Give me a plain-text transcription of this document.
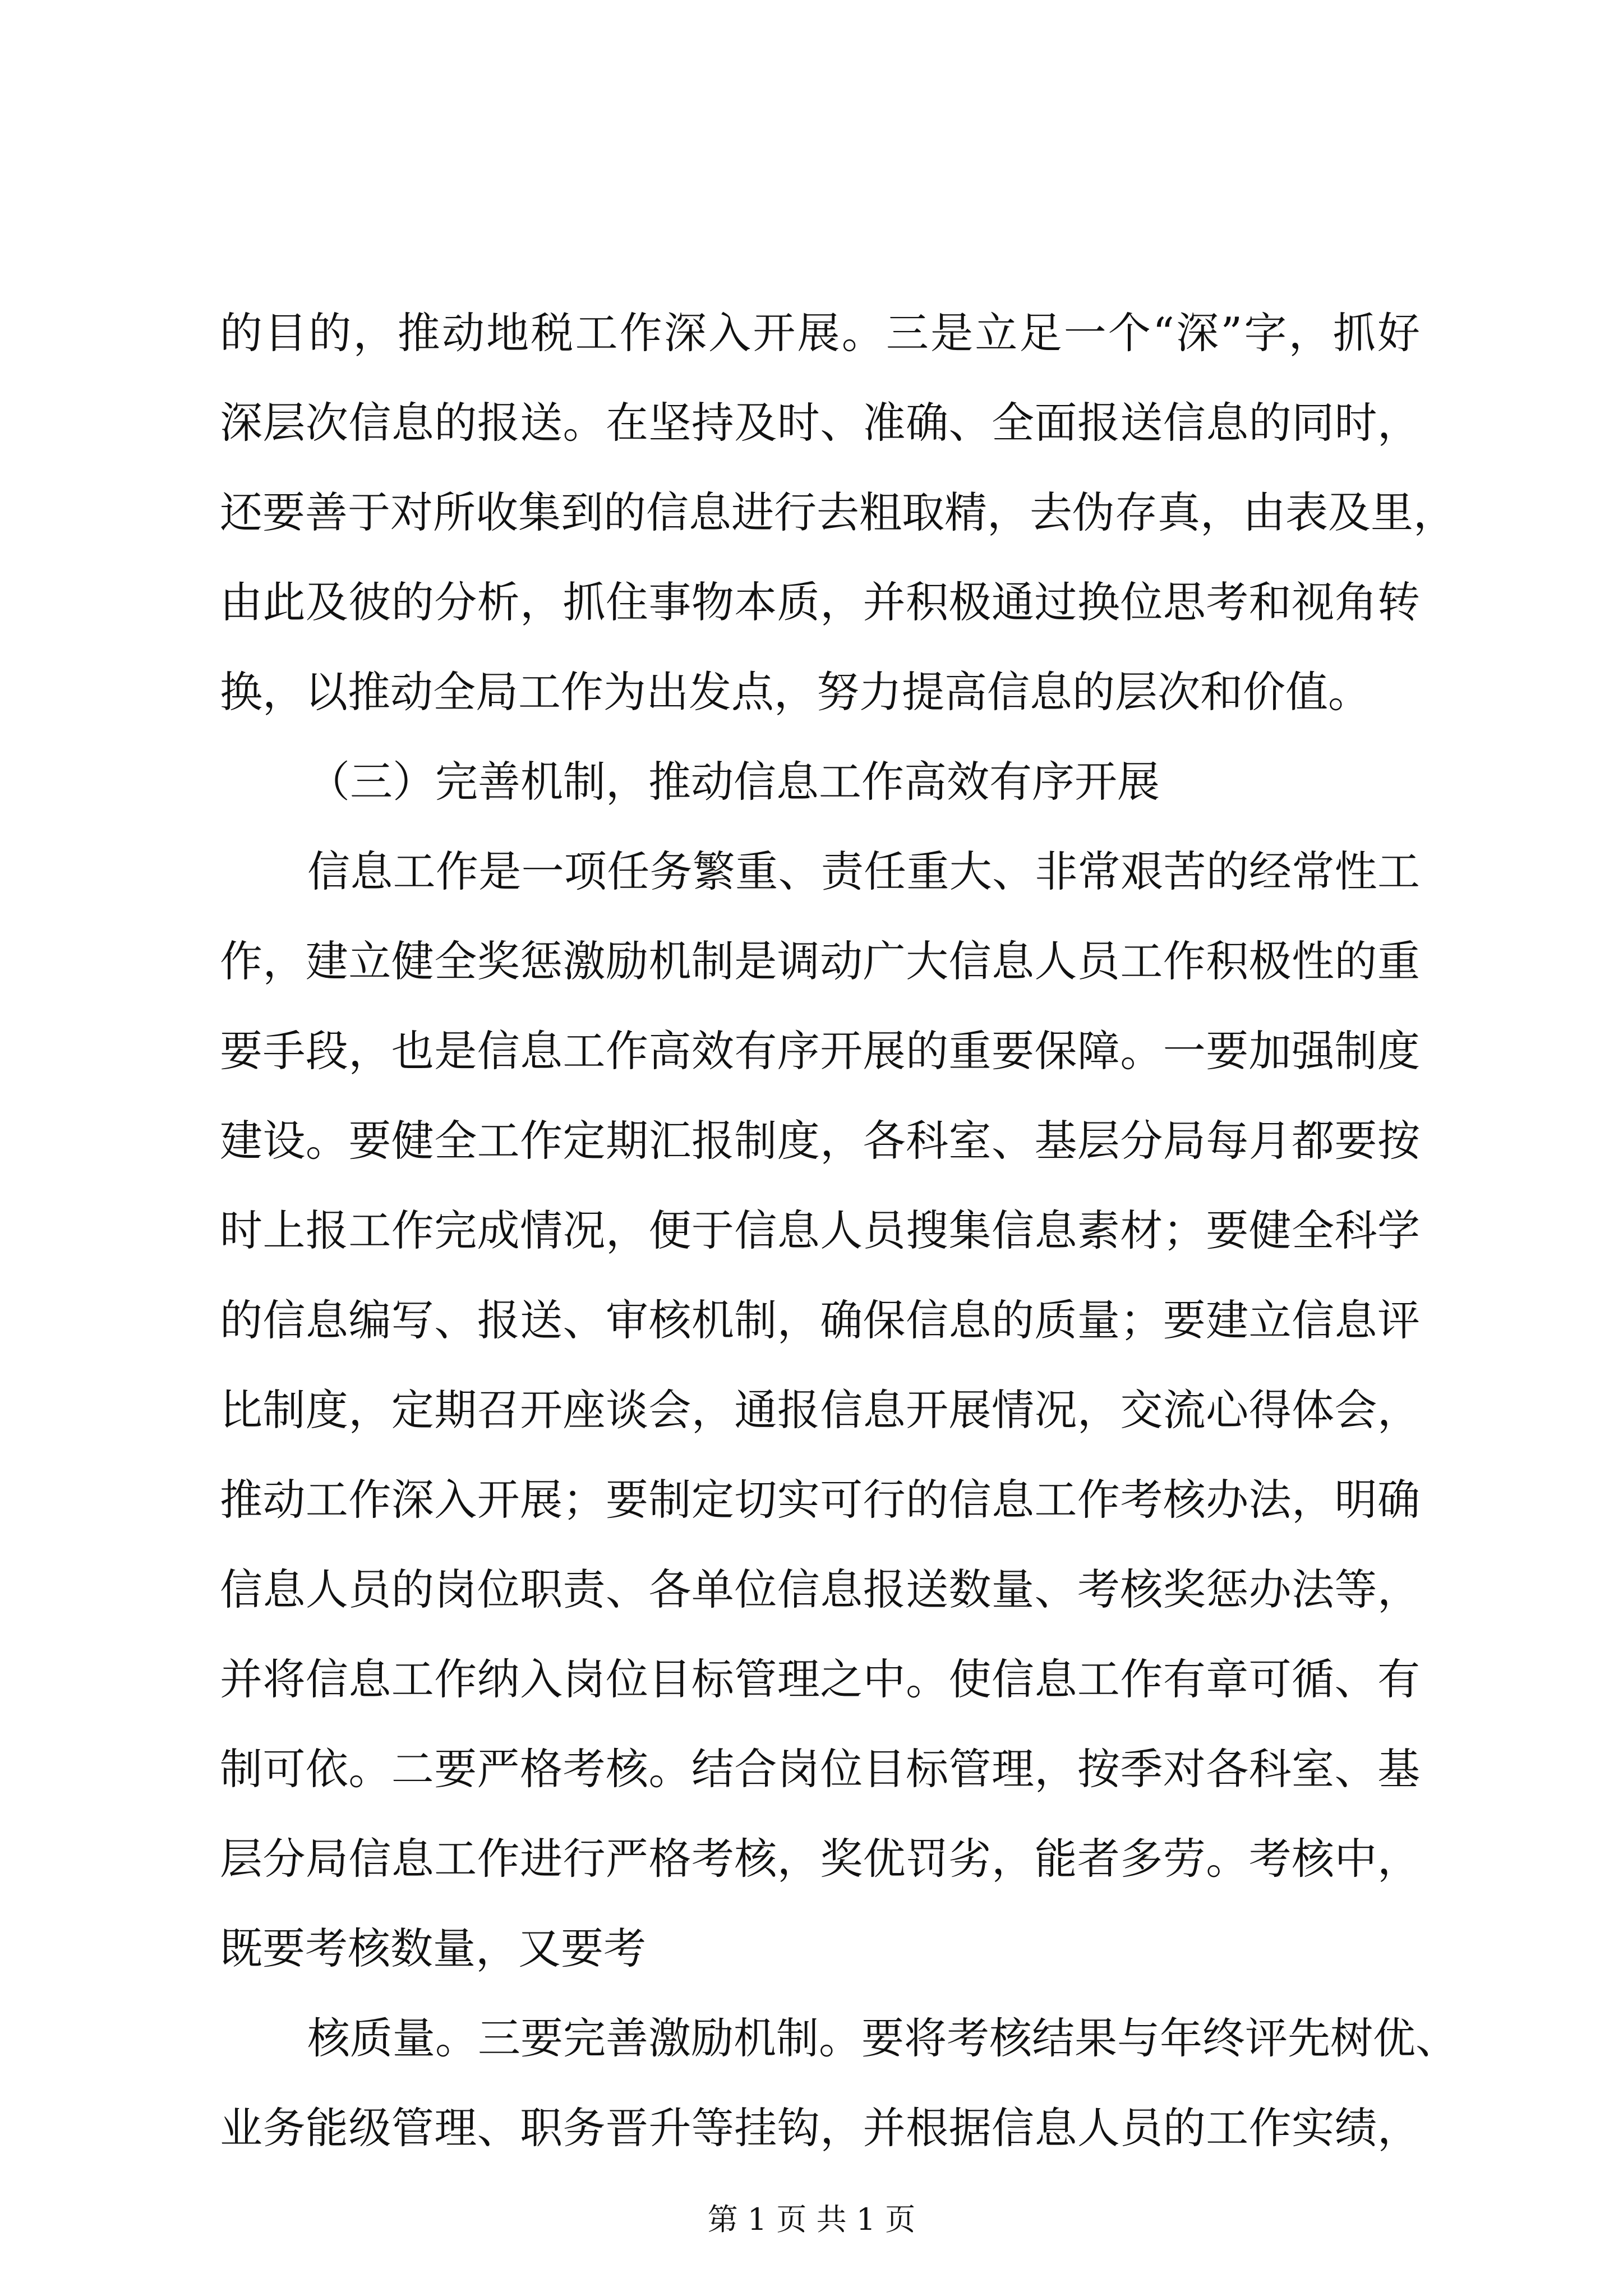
的目的，推动地税工作深入开展。三是立足一个“深”字，抓好
深层次信息的报送。在坚持及时、准确、全面报送信息的同时，
还要善于对所收集到的信息进行去粗取精，去伪存真，由表及里，
由此及彼的分析，抓住事物本质，并积极通过换位思考和视角转
换，以推动全局工作为出发点，努力提高信息的层次和价值。
（三）完善机制，推动信息工作高效有序开展
信息工作是一项任务繁重、责任重大、非常艰苦的经常性工
作，建立健全奖惩激励机制是调动广大信息人员工作积极性的重
要手段，也是信息工作高效有序开展的重要保障。一要加强制度
建设。要健全工作定期汇报制度，各科室、基层分局每月都要按
时上报工作完成情况，便于信息人员搜集信息素材；要健全科学
的信息编写、报送、审核机制，确保信息的质量；要建立信息评
比制度，定期召开座谈会，通报信息开展情况，交流心得体会，
推动工作深入开展；要制定切实可行的信息工作考核办法，明确
信息人员的岗位职责、各单位信息报送数量、考核奖惩办法等，
并将信息工作纳入岗位目标管理之中。使信息工作有章可循、有
制可依。二要严格考核。结合岗位目标管理，按季对各科室、基
层分局信息工作进行严格考核，奖优罚劣，能者多劳。考核中，
既要考核数量，又要考
核质量。三要完善激励机制。要将考核结果与年终评先树优、
业务能级管理、职务晋升等挂钩，并根据信息人员的工作实绩，
第 1 页 共 1 页
